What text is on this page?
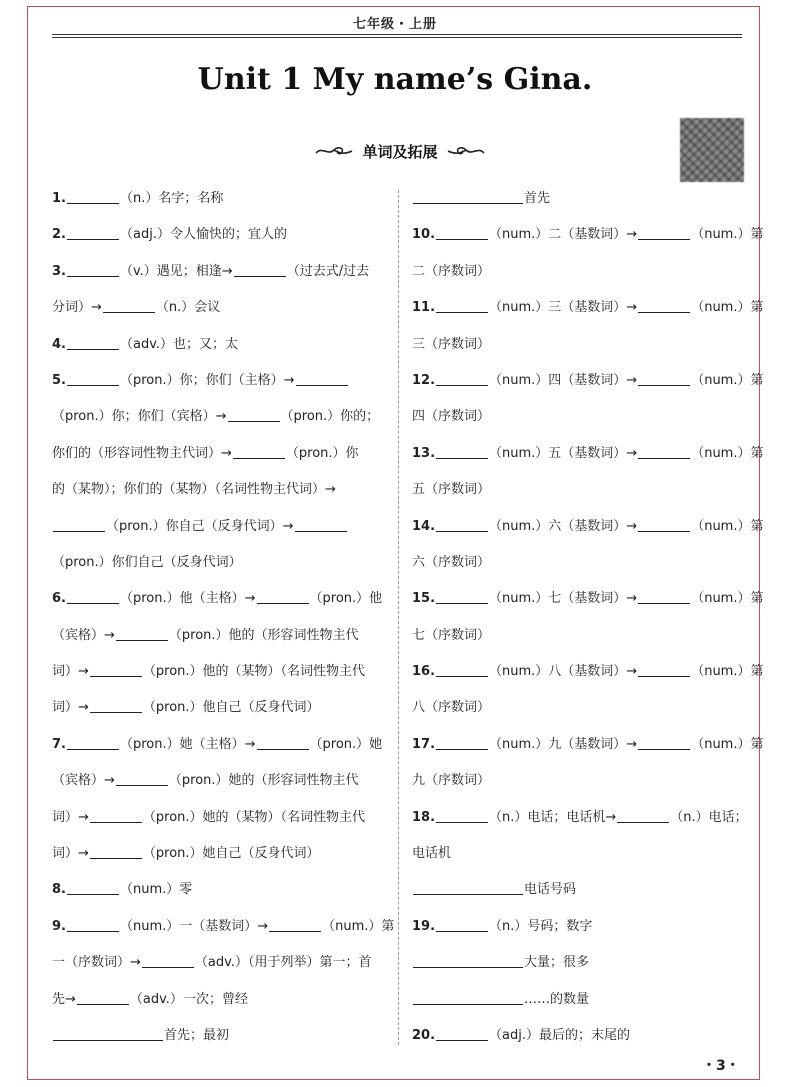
七年级・上册
Unit 1 My name’s Gina.
单词及拓展
1.	（n.）名字；名称
2.	（adj.）令人愉快的；宜人的
3.	（v.）遇见；相逢→	（过去式/过去
分词）→	（n.）会议
4.	（adv.）也；又；太
5.	（pron.）你；你们（主格）→
（pron.）你；你们（宾格）→	（pron.）你的；
你们的（形容词性物主代词）→	（pron.）你
的（某物）；你们的（某物）（名词性物主代词）→
（pron.）你自己（反身代词）→
（pron.）你们自己（反身代词）
6.	（pron.）他（主格）→	（pron.）他
（宾格）→	（pron.）他的（形容词性物主代
词）→	（pron.）他的（某物）（名词性物主代
词）→	（pron.）他自己（反身代词）
7.	（pron.）她（主格）→	（pron.）她
（宾格）→	（pron.）她的（形容词性物主代
词）→	（pron.）她的（某物）（名词性物主代
词）→	（pron.）她自己（反身代词）
8.	（num.）零
9.	（num.）一（基数词）→	（num.）第
一（序数词）→	（adv.）（用于列举）第一；首
先→	（adv.）一次；曾经
首先；最初
首先
10.	（num.）二（基数词）→	（num.）第
二（序数词）
11.	（num.）三（基数词）→	（num.）第
三（序数词）
12.	（num.）四（基数词）→	（num.）第
四（序数词）
13.	（num.）五（基数词）→	（num.）第
五（序数词）
14.	（num.）六（基数词）→	（num.）第
六（序数词）
15.	（num.）七（基数词）→	（num.）第
七（序数词）
16.	（num.）八（基数词）→	（num.）第
八（序数词）
17.	（num.）九（基数词）→	（num.）第
九（序数词）
18.	（n.）电话；电话机→	（n.）电话；
电话机
电话号码
19.	（n.）号码；数字
大量；很多
……的数量
20.	（adj.）最后的；末尾的
・3・
